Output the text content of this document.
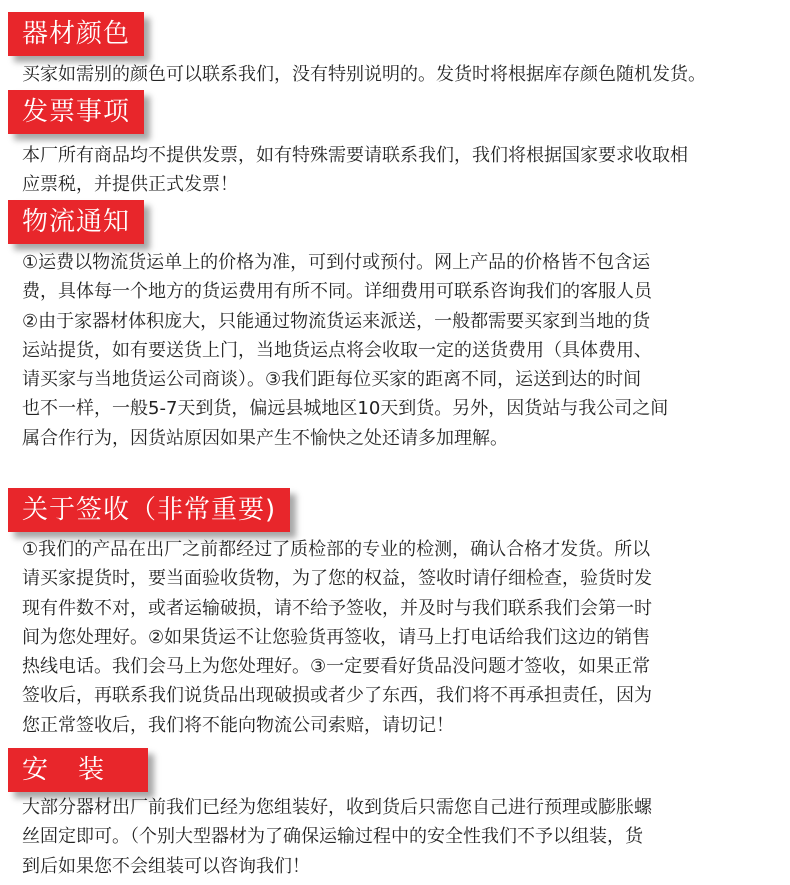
器材颜色

买家如需别的颜色可以联系我们，没有特别说明的。发货时将根据库存颜色随机发货。

发票事项

本厂所有商品均不提供发票，如有特殊需要请联系我们，我们将根据国家要求收取相
应票税，并提供正式发票！

物流通知

①运费以物流货运单上的价格为准，可到付或预付。网上产品的价格皆不包含运
费，具体每一个地方的货运费用有所不同。详细费用可联系咨询我们的客服人员
②由于家器材体积庞大，只能通过物流货运来派送，一般都需要买家到当地的货
运站提货，如有要送货上门，当地货运点将会收取一定的送货费用（具体费用、
请买家与当地货运公司商谈）。③我们距每位买家的距离不同，运送到达的时间
也不一样，一般5-7天到货，偏远县城地区10天到货。另外，因货站与我公司之间
属合作行为，因货站原因如果产生不愉快之处还请多加理解。

关于签收（非常重要)

①我们的产品在出厂之前都经过了质检部的专业的检测，确认合格才发货。所以
请买家提货时，要当面验收货物，为了您的权益，签收时请仔细检查，验货时发
现有件数不对，或者运输破损，请不给予签收，并及时与我们联系我们会第一时
间为您处理好。②如果货运不让您验货再签收，请马上打电话给我们这边的销售
热线电话。我们会马上为您处理好。③一定要看好货品没问题才签收，如果正常
签收后，再联系我们说货品出现破损或者少了东西，我们将不再承担责任，因为
您正常签收后，我们将不能向物流公司索赔，请切记！

安装

大部分器材出厂前我们已经为您组装好，收到货后只需您自己进行预理或膨胀螺
丝固定即可。（个别大型器材为了确保运输过程中的安全性我们不予以组装，货
到后如果您不会组装可以咨询我们！
